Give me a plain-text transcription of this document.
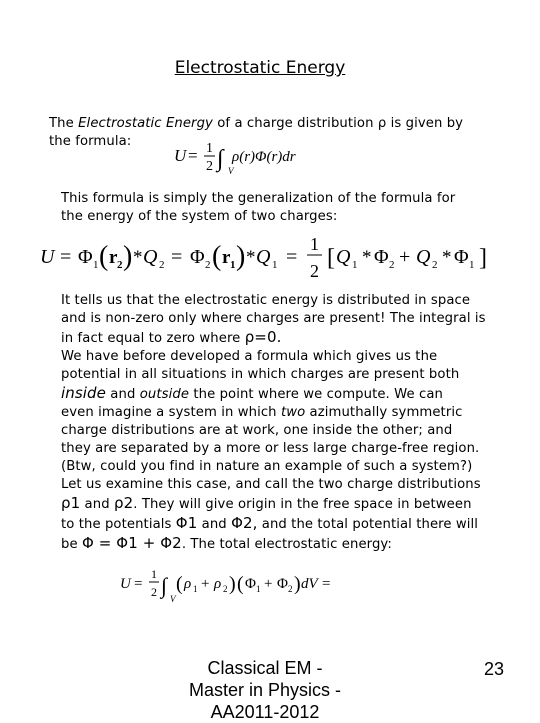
Electrostatic Energy
The Electrostatic Energy of a charge distribution ρ is given by
the formula:
U = 1
2 ∫ V
ρ(r)Φ(r)dr
This formula is simply the generalization of the formula for
the energy of the system of two charges:
U = Φ 1 ( r 2 ) * Q 2 = Φ 2 ( r 1 ) * Q 1 =
1
2 [ Q 1 * Φ 2 + Q 2 * Φ 1 ]
It tells us that the electrostatic energy is distributed in space
and is non-zero only where charges are present! The integral is
in fact equal to zero where ρ=0.
We have before developed a formula which gives us the
potential in all situations in which charges are present both
inside and outside the point where we compute. We can
even imagine a system in which two azimuthally symmetric
charge distributions are at work, one inside the other; and
they are separated by a more or less large charge-free region.
(Btw, could you find in nature an example of such a system?)
Let us examine this case, and call the two charge distributions
ρ1 and ρ2. They will give origin in the free space in between
to the potentials Φ1 and Φ2, and the total potential there will
be Φ = Φ1 + Φ2. The total electrostatic energy:
U =
1
2 ∫
V
( ρ 1 + ρ 2 ) ( Φ 1 + Φ 2 ) dV =
Classical EM -
Master in Physics -
AA2011-2012
23
